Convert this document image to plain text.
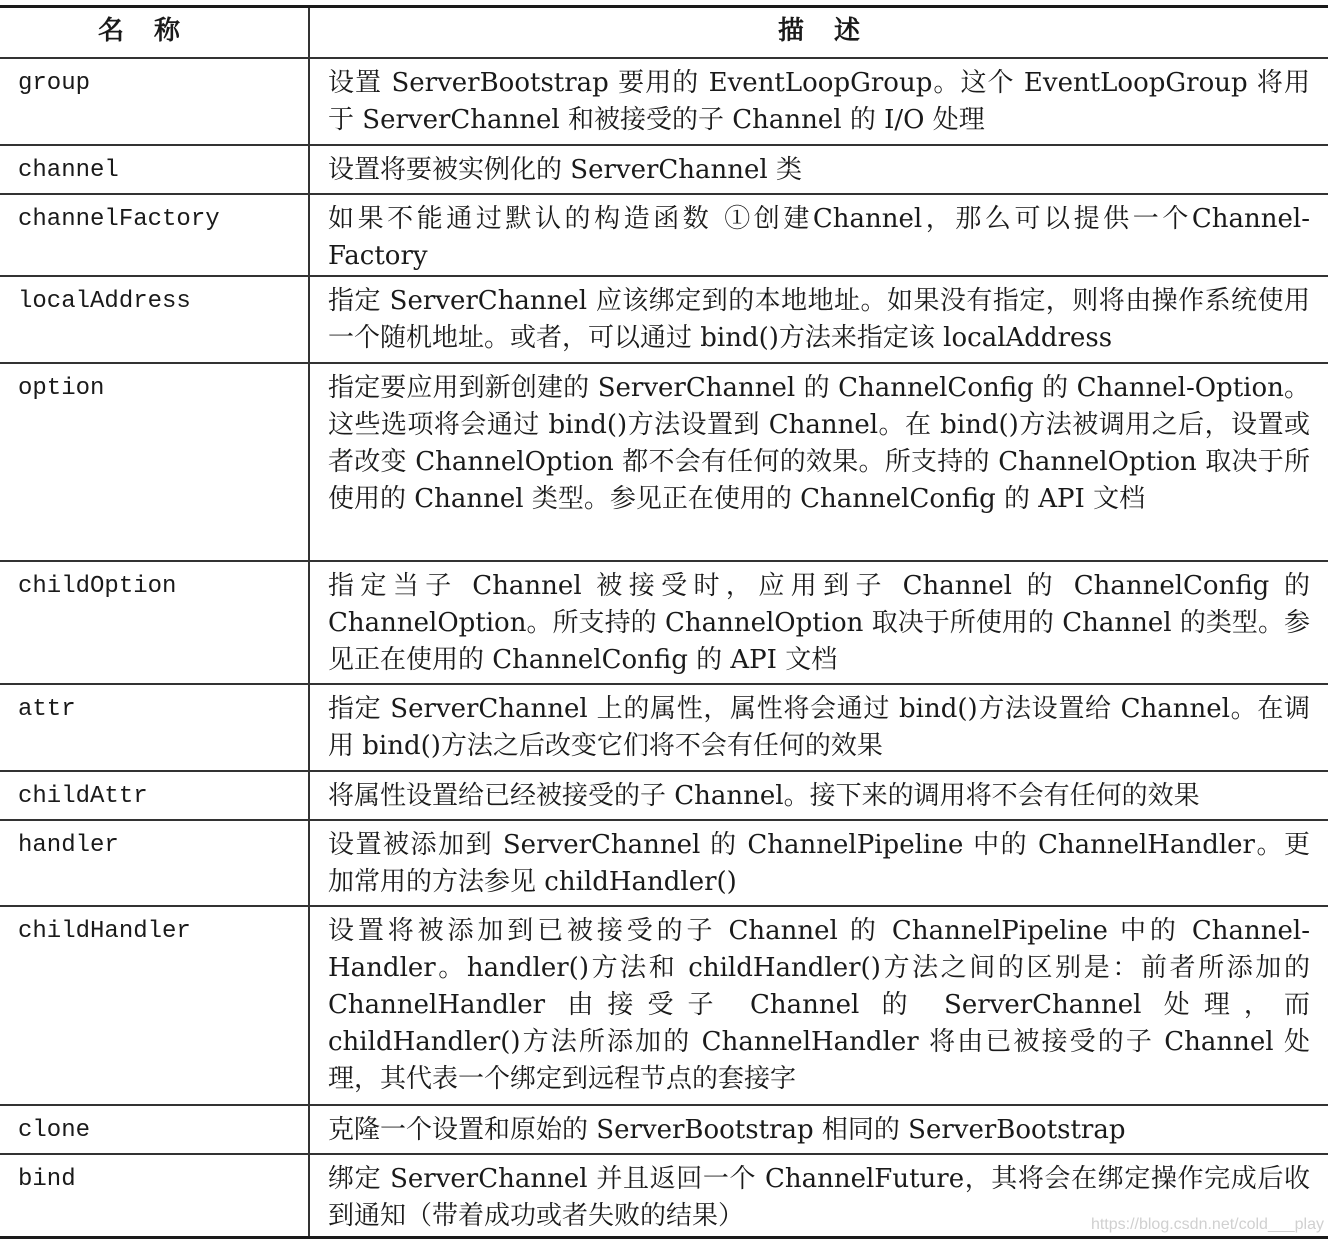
名称	描述
group	设置 ServerBootstrap 要用的 EventLoopGroup。这个 EventLoopGroup 将用于 ServerChannel 和被接受的子 Channel 的 I/O 处理
channel	设置将要被实例化的 ServerChannel 类
channelFactory	如果不能通过默认的构造函数 ①创建Channel，那么可以提供一个Channel-Factory
localAddress	指定 ServerChannel 应该绑定到的本地地址。如果没有指定，则将由操作系统使用一个随机地址。或者，可以通过 bind()方法来指定该 localAddress
option	指定要应用到新创建的 ServerChannel 的 ChannelConfig 的 Channel-Option。这些选项将会通过 bind()方法设置到 Channel。在 bind()方法被调用之后，设置或者改变 ChannelOption 都不会有任何的效果。所支持的 ChannelOption 取决于所使用的 Channel 类型。参见正在使用的 ChannelConfig 的 API 文档
childOption	指定当子 Channel 被接受时，应用到子 Channel 的 ChannelConfig 的 ChannelOption。所支持的 ChannelOption 取决于所使用的 Channel 的类型。参见正在使用的 ChannelConfig 的 API 文档
attr	指定 ServerChannel 上的属性，属性将会通过 bind()方法设置给 Channel。在调用 bind()方法之后改变它们将不会有任何的效果
childAttr	将属性设置给已经被接受的子 Channel。接下来的调用将不会有任何的效果
handler	设置被添加到 ServerChannel 的 ChannelPipeline 中的 ChannelHandler。更加常用的方法参见 childHandler()
childHandler	设置将被添加到已被接受的子 Channel 的 ChannelPipeline 中的 Channel-Handler。handler()方法和 childHandler()方法之间的区别是：前者所添加的 ChannelHandler 由接受子 Channel 的 ServerChannel 处理，而 childHandler()方法所添加的 ChannelHandler 将由已被接受的子 Channel 处理，其代表一个绑定到远程节点的套接字
clone	克隆一个设置和原始的 ServerBootstrap 相同的 ServerBootstrap
bind	绑定 ServerChannel 并且返回一个 ChannelFuture，其将会在绑定操作完成后收到通知（带着成功或者失败的结果）	https://blog.csdn.net/cold___play
